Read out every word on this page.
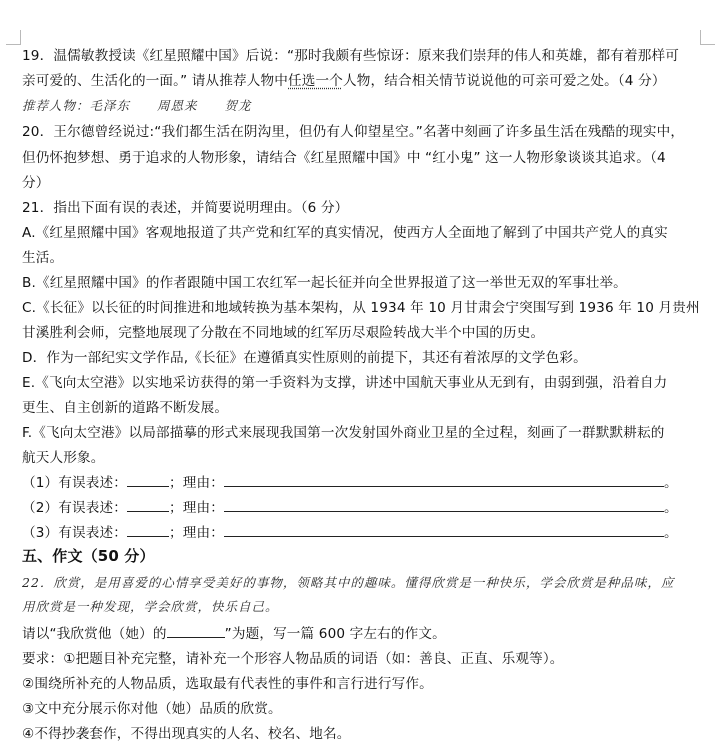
19．温儒敏教授读《红星照耀中国》后说：“那时我颇有些惊讶：原来我们崇拜的伟人和英雄，都有着那样可
亲可爱的、生活化的一面。” 请从推荐人物中任选一个人物，结合相关情节说说他的可亲可爱之处。（4 分）
推荐人物：毛泽东　　周恩来　　贺龙
20．王尔德曾经说过:“我们都生活在阴沟里，但仍有人仰望星空。”名著中刻画了许多虽生活在残酷的现实中，
但仍怀抱梦想、勇于追求的人物形象，请结合《红星照耀中国》中 “红小鬼” 这一人物形象谈谈其追求。（4
分）
21．指出下面有误的表述，并简要说明理由。（6 分）
A.《红星照耀中国》客观地报道了共产党和红军的真实情况，使西方人全面地了解到了中国共产党人的真实
生活。
B.《红星照耀中国》的作者跟随中国工农红军一起长征并向全世界报道了这一举世无双的军事壮举。
C.《长征》以长征的时间推进和地域转换为基本架构，从 1934 年 10 月甘肃会宁突围写到 1936 年 10 月贵州
甘溪胜利会师，完整地展现了分散在不同地域的红军历尽艰险转战大半个中国的历史。
D．作为一部纪实文学作品,《长征》在遵循真实性原则的前提下，其还有着浓厚的文学色彩。
E.《飞向太空港》以实地采访获得的第一手资料为支撑，讲述中国航天事业从无到有，由弱到强，沿着自力
更生、自主创新的道路不断发展。
F.《飞向太空港》以局部描摹的形式来展现我国第一次发射国外商业卫星的全过程，刻画了一群默默耕耘的
航天人形象。
（1）有误表述：	；理由：	。
（2）有误表述：	；理由：	。
（3）有误表述：	；理由：	。
五、作文（50 分）
22．欣赏，是用喜爱的心情享受美好的事物，领略其中的趣味。懂得欣赏是一种快乐，学会欣赏是种品味，应
用欣赏是一种发现，学会欣赏，快乐自己。
请以“我欣赏他（她）的	”为题，写一篇 600 字左右的作文。
要求：①把题目补充完整，请补充一个形容人物品质的词语（如：善良、正直、乐观等）。
②围绕所补充的人物品质，选取最有代表性的事件和言行进行写作。
③文中充分展示你对他（她）品质的欣赏。
④不得抄袭套作，不得出现真实的人名、校名、地名。
